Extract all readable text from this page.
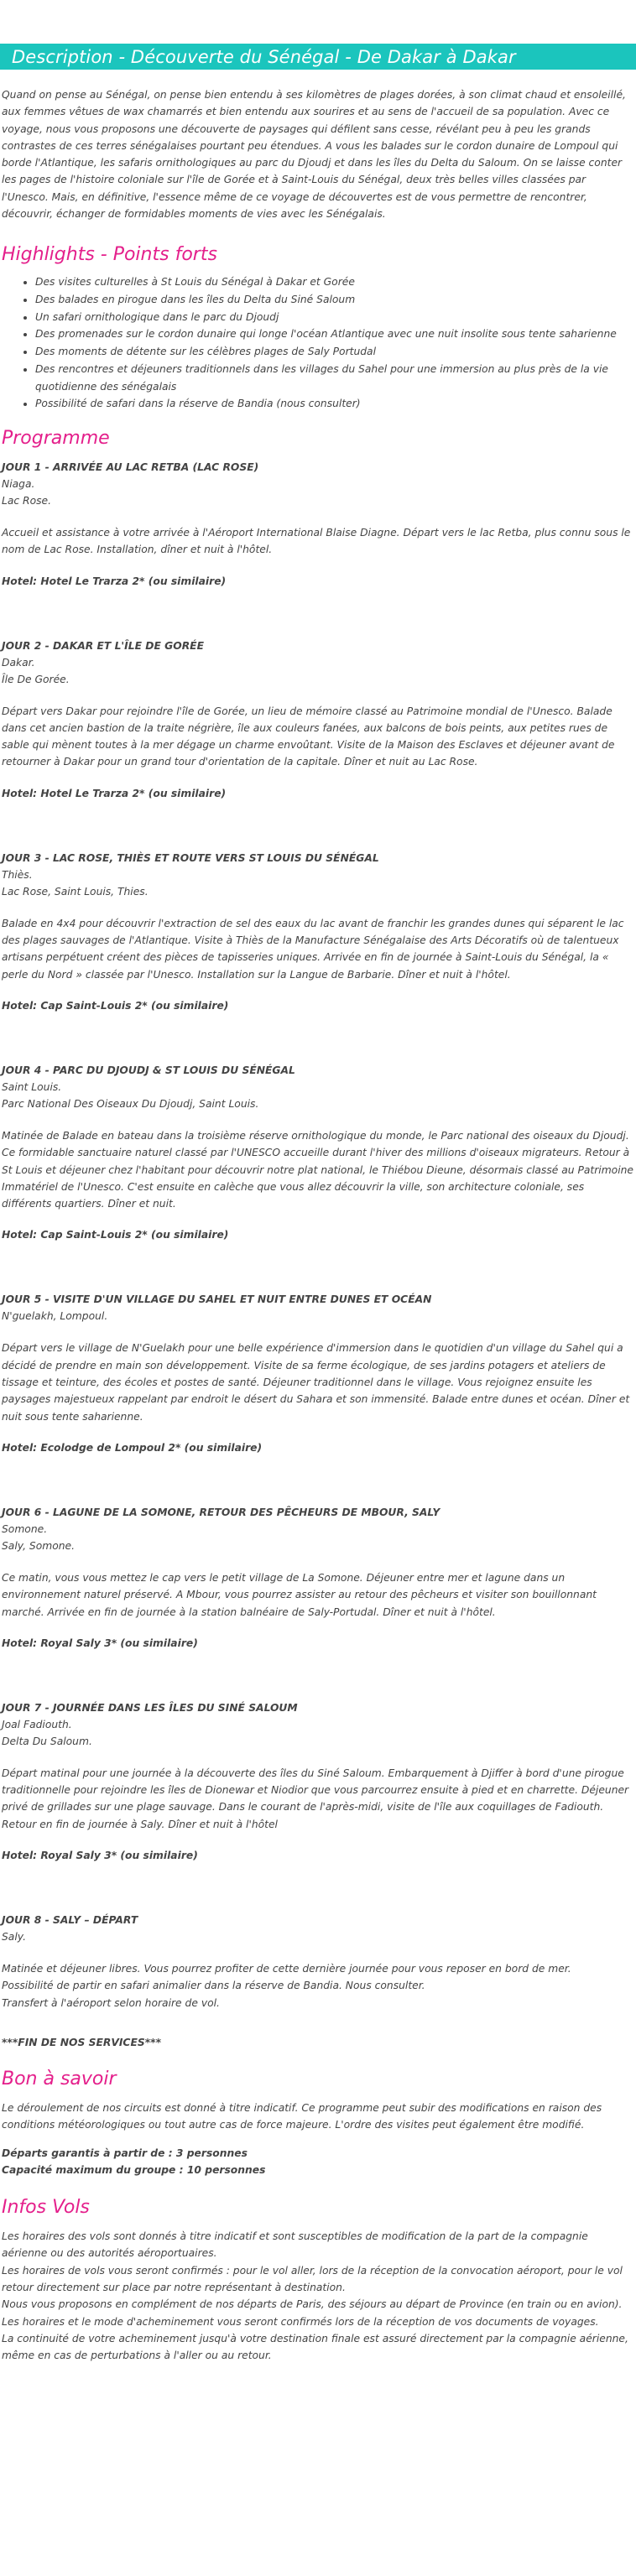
Description - Découverte du Sénégal - De Dakar à Dakar

Quand on pense au Sénégal, on pense bien entendu à ses kilomètres de plages dorées, à son climat chaud et ensoleillé, aux femmes vêtues de wax chamarrés et bien entendu aux sourires et au sens de l'accueil de sa population. Avec ce voyage, nous vous proposons une découverte de paysages qui défilent sans cesse, révélant peu à peu les grands contrastes de ces terres sénégalaises pourtant peu étendues. A vous les balades sur le cordon dunaire de Lompoul qui borde l'Atlantique, les safaris ornithologiques au parc du Djoudj et dans les îles du Delta du Saloum. On se laisse conter les pages de l'histoire coloniale sur l'île de Gorée et à Saint-Louis du Sénégal, deux très belles villes classées par l'Unesco. Mais, en définitive, l'essence même de ce voyage de découvertes est de vous permettre de rencontrer, découvrir, échanger de formidables moments de vies avec les Sénégalais.

Highlights - Points forts
• Des visites culturelles à St Louis du Sénégal à Dakar et Gorée
• Des balades en pirogue dans les îles du Delta du Siné Saloum
• Un safari ornithologique dans le parc du Djoudj
• Des promenades sur le cordon dunaire qui longe l'océan Atlantique avec une nuit insolite sous tente saharienne
• Des moments de détente sur les célèbres plages de Saly Portudal
• Des rencontres et déjeuners traditionnels dans les villages du Sahel pour une immersion au plus près de la vie quotidienne des sénégalais
• Possibilité de safari dans la réserve de Bandia (nous consulter)
Programme
JOUR 1 - ARRIVÉE AU LAC RETBA (LAC ROSE)
Niaga.
Lac Rose.

Accueil et assistance à votre arrivée à l'Aéroport International Blaise Diagne. Départ vers le lac Retba, plus connu sous le nom de Lac Rose. Installation, dîner et nuit à l'hôtel.

Hotel: Hotel Le Trarza 2* (ou similaire)
JOUR 2 - DAKAR ET L'ÎLE DE GORÉE
Dakar.
Île De Gorée.

Départ vers Dakar pour rejoindre l'île de Gorée, un lieu de mémoire classé au Patrimoine mondial de l'Unesco. Balade dans cet ancien bastion de la traite négrière, île aux couleurs fanées, aux balcons de bois peints, aux petites rues de sable qui mènent toutes à la mer dégage un charme envoûtant. Visite de la Maison des Esclaves et déjeuner avant de retourner à Dakar pour un grand tour d'orientation de la capitale. Dîner et nuit au Lac Rose.

Hotel: Hotel Le Trarza 2* (ou similaire)
JOUR 3 - LAC ROSE, THIÈS ET ROUTE VERS ST LOUIS DU SÉNÉGAL
Thiès.
Lac Rose, Saint Louis, Thies.

Balade en 4x4 pour découvrir l'extraction de sel des eaux du lac avant de franchir les grandes dunes qui séparent le lac des plages sauvages de l'Atlantique. Visite à Thiès de la Manufacture Sénégalaise des Arts Décoratifs où de talentueux artisans perpétuent créent des pièces de tapisseries uniques. Arrivée en fin de journée à Saint-Louis du Sénégal, la « perle du Nord » classée par l'Unesco. Installation sur la Langue de Barbarie. Dîner et nuit à l'hôtel.

Hotel: Cap Saint-Louis 2* (ou similaire)
JOUR 4 - PARC DU DJOUDJ & ST LOUIS DU SÉNÉGAL
Saint Louis.
Parc National Des Oiseaux Du Djoudj, Saint Louis.

Matinée de Balade en bateau dans la troisième réserve ornithologique du monde, le Parc national des oiseaux du Djoudj. Ce formidable sanctuaire naturel classé par l'UNESCO accueille durant l'hiver des millions d'oiseaux migrateurs. Retour à St Louis et déjeuner chez l'habitant pour découvrir notre plat national, le Thiébou Dieune, désormais classé au Patrimoine Immatériel de l'Unesco. C'est ensuite en calèche que vous allez découvrir la ville, son architecture coloniale, ses différents quartiers. Dîner et nuit.

Hotel: Cap Saint-Louis 2* (ou similaire)
JOUR 5 - VISITE D'UN VILLAGE DU SAHEL ET NUIT ENTRE DUNES ET OCÉAN
N'guelakh, Lompoul.

Départ vers le village de N'Guelakh pour une belle expérience d'immersion dans le quotidien d'un village du Sahel qui a décidé de prendre en main son développement. Visite de sa ferme écologique, de ses jardins potagers et ateliers de tissage et teinture, des écoles et postes de santé. Déjeuner traditionnel dans le village. Vous rejoignez ensuite les paysages majestueux rappelant par endroit le désert du Sahara et son immensité. Balade entre dunes et océan. Dîner et nuit sous tente saharienne.

Hotel: Ecolodge de Lompoul 2* (ou similaire)
JOUR 6 - LAGUNE DE LA SOMONE, RETOUR DES PÊCHEURS DE MBOUR, SALY
Somone.
Saly, Somone.

Ce matin, vous vous mettez le cap vers le petit village de La Somone. Déjeuner entre mer et lagune dans un environnement naturel préservé. A Mbour, vous pourrez assister au retour des pêcheurs et visiter son bouillonnant marché. Arrivée en fin de journée à la station balnéaire de Saly-Portudal. Dîner et nuit à l'hôtel.

Hotel: Royal Saly 3* (ou similaire)
JOUR 7 - JOURNÉE DANS LES ÎLES DU SINÉ SALOUM
Joal Fadiouth.
Delta Du Saloum.

Départ matinal pour une journée à la découverte des îles du Siné Saloum. Embarquement à Djiffer à bord d'une pirogue traditionnelle pour rejoindre les îles de Dionewar et Niodior que vous parcourrez ensuite à pied et en charrette. Déjeuner privé de grillades sur une plage sauvage. Dans le courant de l'après-midi, visite de l'île aux coquillages de Fadiouth. Retour en fin de journée à Saly. Dîner et nuit à l'hôtel

Hotel: Royal Saly 3* (ou similaire)
JOUR 8 - SALY – DÉPART
Saly.

Matinée et déjeuner libres. Vous pourrez profiter de cette dernière journée pour vous reposer en bord de mer.

Possibilité de partir en safari animalier dans la réserve de Bandia. Nous consulter.

Transfert à l'aéroport selon horaire de vol.

***FIN DE NOS SERVICES***
Bon à savoir

Le déroulement de nos circuits est donné à titre indicatif. Ce programme peut subir des modifications en raison des conditions météorologiques ou tout autre cas de force majeure. L'ordre des visites peut également être modifié.

Départs garantis à partir de : 3 personnes
Capacité maximum du groupe : 10 personnes
Infos Vols

Les horaires des vols sont donnés à titre indicatif et sont susceptibles de modification de la part de la compagnie aérienne ou des autorités aéroportuaires.

Les horaires de vols vous seront confirmés : pour le vol aller, lors de la réception de la convocation aéroport, pour le vol retour directement sur place par notre représentant à destination.

Nous vous proposons en complément de nos départs de Paris, des séjours au départ de Province (en train ou en avion).

Les horaires et le mode d'acheminement vous seront confirmés lors de la réception de vos documents de voyages.

La continuité de votre acheminement jusqu'à votre destination finale est assuré directement par la compagnie aérienne, même en cas de perturbations à l'aller ou au retour.
